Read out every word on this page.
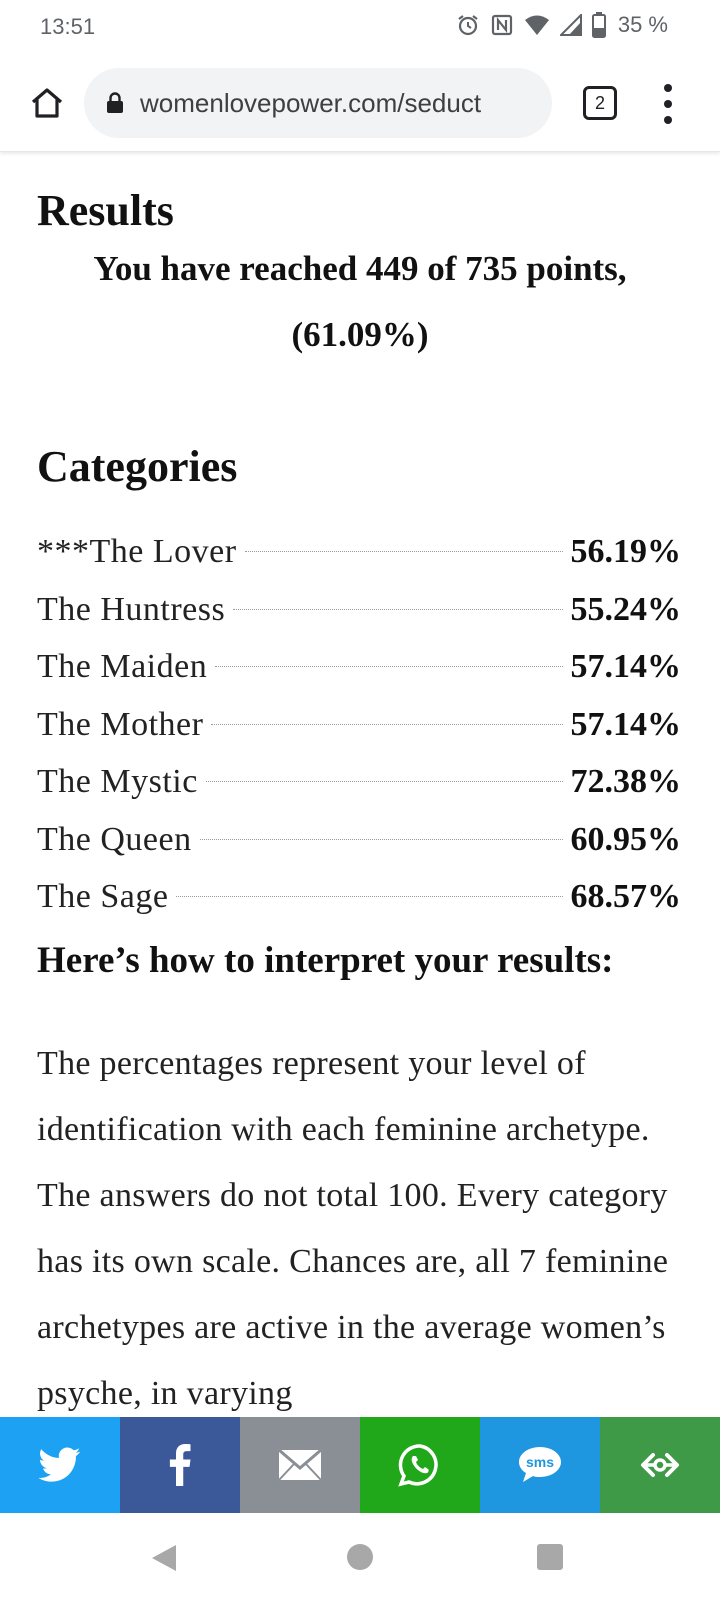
13:51	35 %
womenlovepower.com/seduct	2
Results
You have reached 449 of 735 points,
(61.09%)
Categories
***The Lover	56.19%
The Huntress	55.24%
The Maiden	57.14%
The Mother	57.14%
The Mystic	72.38%
The Queen	60.95%
The Sage	68.57%
Here’s how to interpret your results:
The percentages represent your level of identification with each feminine archetype. The answers do not total 100. Every category has its own scale. Chances are, all 7 feminine archetypes are active in the average women’s psyche, in varying
sms
